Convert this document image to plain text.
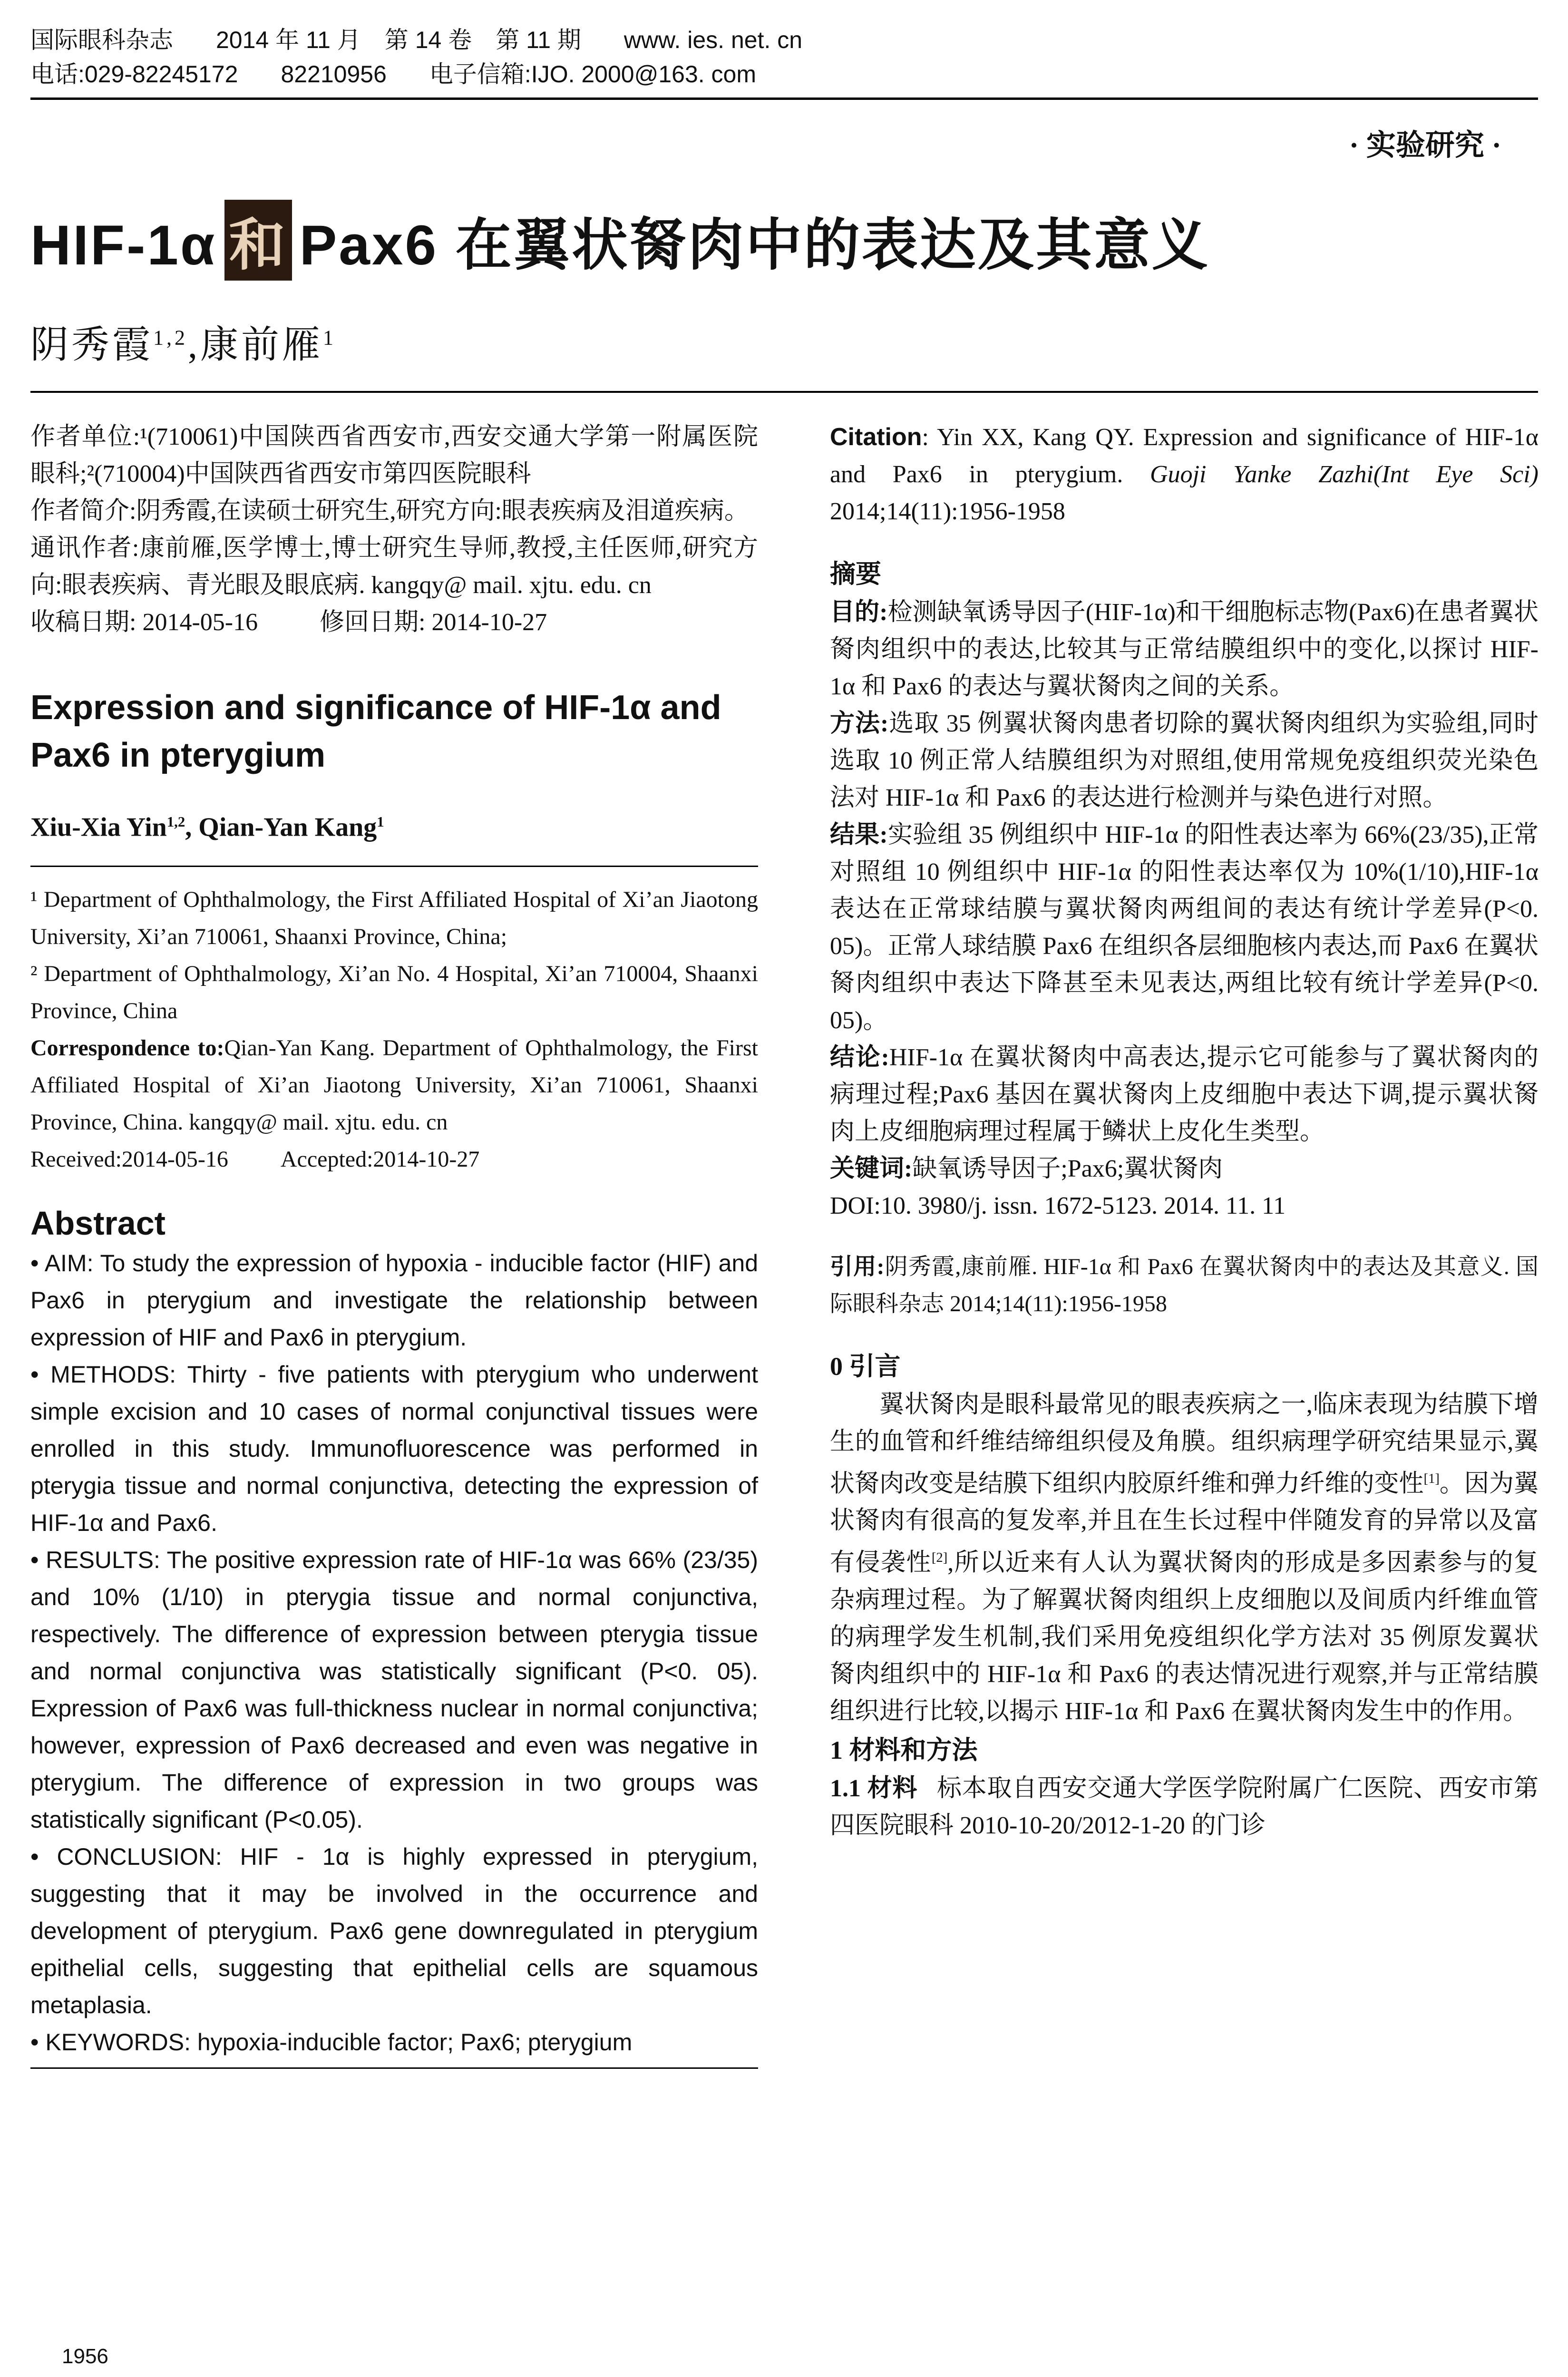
国际眼科杂志 2014 年 11 月　第 14 卷　第 11 期 www. ies. net. cn
电话:029-82245172 82210956 电子信箱:IJO. 2000@163. com
· 实验研究 ·
HIF-1α 和 Pax6 在翼状胬肉中的表达及其意义
阴秀霞$^{1,2}$,康前雁$^1$

作者单位:¹(710061)中国陕西省西安市,西安交通大学第一附属医院眼科;²(710004)中国陕西省西安市第四医院眼科

作者简介:阴秀霞,在读硕士研究生,研究方向:眼表疾病及泪道疾病。

通讯作者:康前雁,医学博士,博士研究生导师,教授,主任医师,研究方向:眼表疾病、青光眼及眼底病. kangqy@ mail. xjtu. edu. cn

收稿日期: 2014-05-16	修回日期: 2014-10-27

Expression and significance of HIF-1α and Pax6 in pterygium
Xiu-Xia Yin$^{1,2}$, Qian-Yan Kang$^1$

¹ Department of Ophthalmology, the First Affiliated Hospital of Xi’an Jiaotong University, Xi’an 710061, Shaanxi Province, China;

² Department of Ophthalmology, Xi’an No. 4 Hospital, Xi’an 710004, Shaanxi Province, China

Correspondence to:Qian-Yan Kang. Department of Ophthalmology, the First Affiliated Hospital of Xi’an Jiaotong University, Xi’an 710061, Shaanxi Province, China. kangqy@ mail. xjtu. edu. cn

Received:2014-05-16 Accepted:2014-10-27

Abstract

• AIM: To study the expression of hypoxia - inducible factor (HIF) and Pax6 in pterygium and investigate the relationship between expression of HIF and Pax6 in pterygium.

• METHODS: Thirty - five patients with pterygium who underwent simple excision and 10 cases of normal conjunctival tissues were enrolled in this study. Immunofluorescence was performed in pterygia tissue and normal conjunctiva, detecting the expression of HIF-1α and Pax6.

• RESULTS: The positive expression rate of HIF-1α was 66% (23/35) and 10% (1/10) in pterygia tissue and normal conjunctiva, respectively. The difference of expression between pterygia tissue and normal conjunctiva was statistically significant (P<0. 05). Expression of Pax6 was full-thickness nuclear in normal conjunctiva; however, expression of Pax6 decreased and even was negative in pterygium. The difference of expression in two groups was statistically significant (P<0.05).

• CONCLUSION: HIF - 1α is highly expressed in pterygium, suggesting that it may be involved in the occurrence and development of pterygium. Pax6 gene downregulated in pterygium epithelial cells, suggesting that epithelial cells are squamous metaplasia.

• KEYWORDS: hypoxia-inducible factor; Pax6; pterygium

Citation: Yin XX, Kang QY. Expression and significance of HIF-1α and Pax6 in pterygium. Guoji Yanke Zazhi(Int Eye Sci) 2014;14(11):1956-1958

摘要

目的:检测缺氧诱导因子(HIF-1α)和干细胞标志物(Pax6)在患者翼状胬肉组织中的表达,比较其与正常结膜组织中的变化,以探讨 HIF-1α 和 Pax6 的表达与翼状胬肉之间的关系。

方法:选取 35 例翼状胬肉患者切除的翼状胬肉组织为实验组,同时选取 10 例正常人结膜组织为对照组,使用常规免疫组织荧光染色法对 HIF-1α 和 Pax6 的表达进行检测并与染色进行对照。

结果:实验组 35 例组织中 HIF-1α 的阳性表达率为 66%(23/35),正常对照组 10 例组织中 HIF-1α 的阳性表达率仅为 10%(1/10),HIF-1α 表达在正常球结膜与翼状胬肉两组间的表达有统计学差异(P<0. 05)。正常人球结膜 Pax6 在组织各层细胞核内表达,而 Pax6 在翼状胬肉组织中表达下降甚至未见表达,两组比较有统计学差异(P<0. 05)。

结论:HIF-1α 在翼状胬肉中高表达,提示它可能参与了翼状胬肉的病理过程;Pax6 基因在翼状胬肉上皮细胞中表达下调,提示翼状胬肉上皮细胞病理过程属于鳞状上皮化生类型。

关键词:缺氧诱导因子;Pax6;翼状胬肉

DOI:10. 3980/j. issn. 1672-5123. 2014. 11. 11

引用:阴秀霞,康前雁. HIF-1α 和 Pax6 在翼状胬肉中的表达及其意义. 国际眼科杂志 2014;14(11):1956-1958

0 引言

翼状胬肉是眼科最常见的眼表疾病之一,临床表现为结膜下增生的血管和纤维结缔组织侵及角膜。组织病理学研究结果显示,翼状胬肉改变是结膜下组织内胶原纤维和弹力纤维的变性[1]。因为翼状胬肉有很高的复发率,并且在生长过程中伴随发育的异常以及富有侵袭性[2],所以近来有人认为翼状胬肉的形成是多因素参与的复杂病理过程。为了解翼状胬肉组织上皮细胞以及间质内纤维血管的病理学发生机制,我们采用免疫组织化学方法对 35 例原发翼状胬肉组织中的 HIF-1α 和 Pax6 的表达情况进行观察,并与正常结膜组织进行比较,以揭示 HIF-1α 和 Pax6 在翼状胬肉发生中的作用。

1 材料和方法

1.1 材料 标本取自西安交通大学医学院附属广仁医院、西安市第四医院眼科 2010-10-20/2012-1-20 的门诊

1956
